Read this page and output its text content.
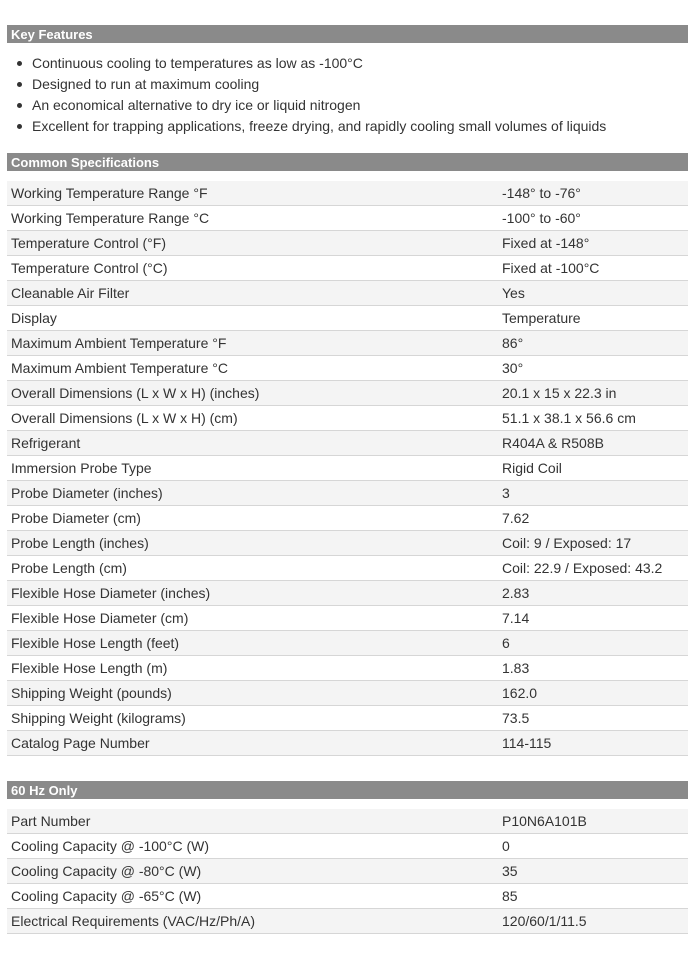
Key Features
Continuous cooling to temperatures as low as -100°C
Designed to run at maximum cooling
An economical alternative to dry ice or liquid nitrogen
Excellent for trapping applications, freeze drying, and rapidly cooling small volumes of liquids
Common Specifications
Working Temperature Range °F	-148° to -76°
Working Temperature Range °C	-100° to -60°
Temperature Control (°F)	Fixed at -148°
Temperature Control (°C)	Fixed at -100°C
Cleanable Air Filter	Yes
Display	Temperature
Maximum Ambient Temperature °F	86°
Maximum Ambient Temperature °C	30°
Overall Dimensions (L x W x H) (inches)	20.1 x 15 x 22.3 in
Overall Dimensions (L x W x H) (cm)	51.1 x 38.1 x 56.6 cm
Refrigerant	R404A & R508B
Immersion Probe Type	Rigid Coil
Probe Diameter (inches)	3
Probe Diameter (cm)	7.62
Probe Length (inches)	Coil: 9 / Exposed: 17
Probe Length (cm)	Coil: 22.9 / Exposed: 43.2
Flexible Hose Diameter (inches)	2.83
Flexible Hose Diameter (cm)	7.14
Flexible Hose Length (feet)	6
Flexible Hose Length (m)	1.83
Shipping Weight (pounds)	162.0
Shipping Weight (kilograms)	73.5
Catalog Page Number	114-115
60 Hz Only
Part Number	P10N6A101B
Cooling Capacity @ -100°C (W)	0
Cooling Capacity @ -80°C (W)	35
Cooling Capacity @ -65°C (W)	85
Electrical Requirements (VAC/Hz/Ph/A)	120/60/1/11.5
